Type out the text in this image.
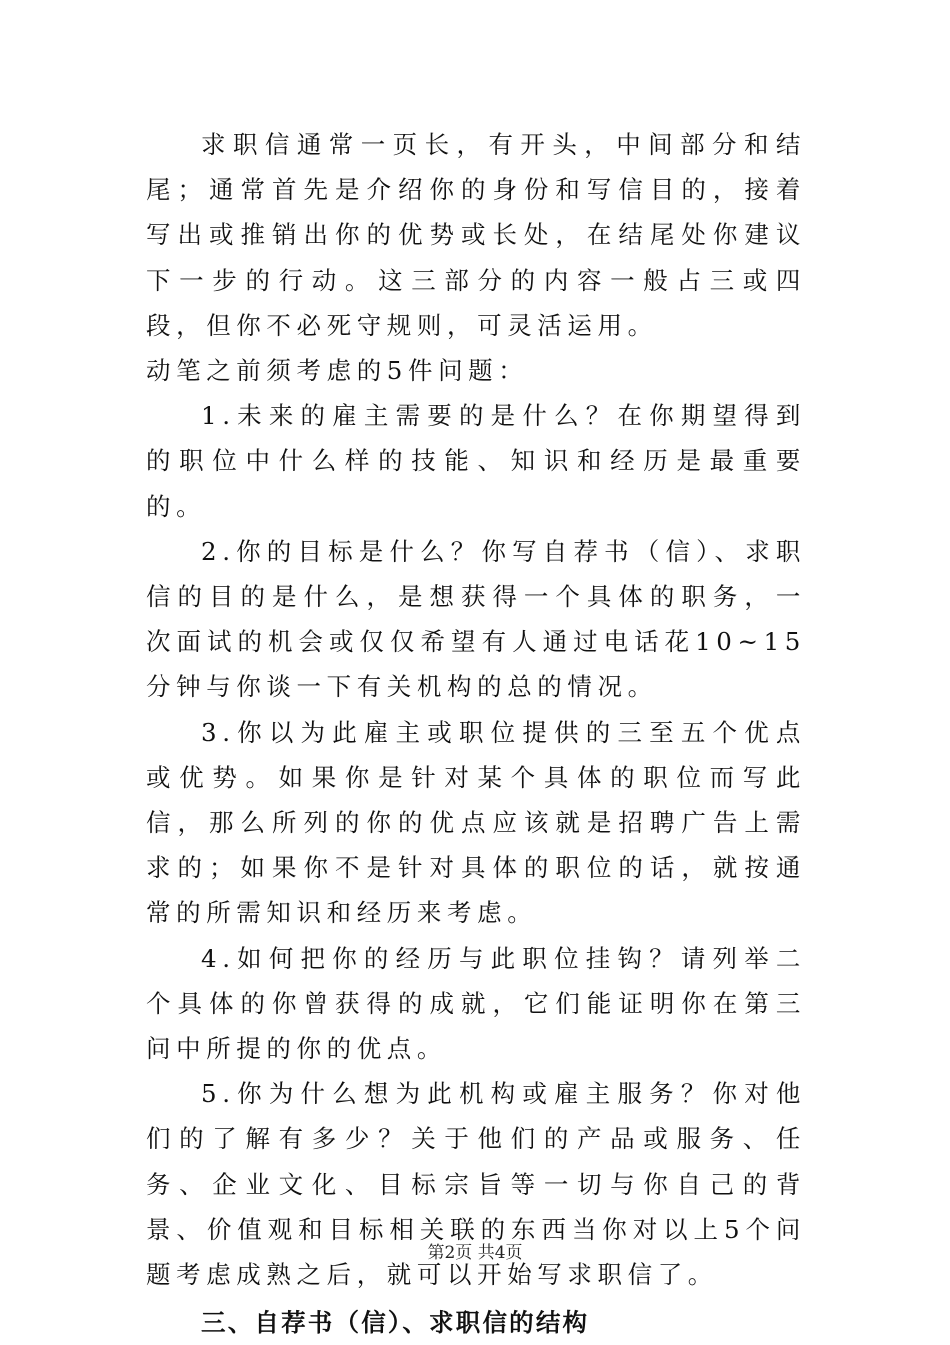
求职信通常一页长，有开头，中间部分和结尾；通常首先是介绍你的身份和写信目的，接着写出或推销出你的优势或长处，在结尾处你建议下一步的行动。这三部分的内容一般占三或四段，但你不必死守规则，可灵活运用。

动笔之前须考虑的5件问题：

1.未来的雇主需要的是什么？在你期望得到的职位中什么样的技能、知识和经历是最重要的。

2.你的目标是什么？你写自荐书（信）、求职信的目的是什么，是想获得一个具体的职务，一次面试的机会或仅仅希望有人通过电话花10~15分钟与你谈一下有关机构的总的情况。

3.你以为此雇主或职位提供的三至五个优点或优势。如果你是针对某个具体的职位而写此信，那么所列的你的优点应该就是招聘广告上需求的；如果你不是针对具体的职位的话，就按通常的所需知识和经历来考虑。

4.如何把你的经历与此职位挂钩？请列举二个具体的你曾获得的成就，它们能证明你在第三问中所提的你的优点。

5.你为什么想为此机构或雇主服务？你对他们的了解有多少？关于他们的产品或服务、任务、企业文化、目标宗旨等一切与你自己的背景、价值观和目标相关联的东西当你对以上5个问题考虑成熟之后，就可以开始写求职信了。

三、自荐书（信）、求职信的结构

第2页 共4页
